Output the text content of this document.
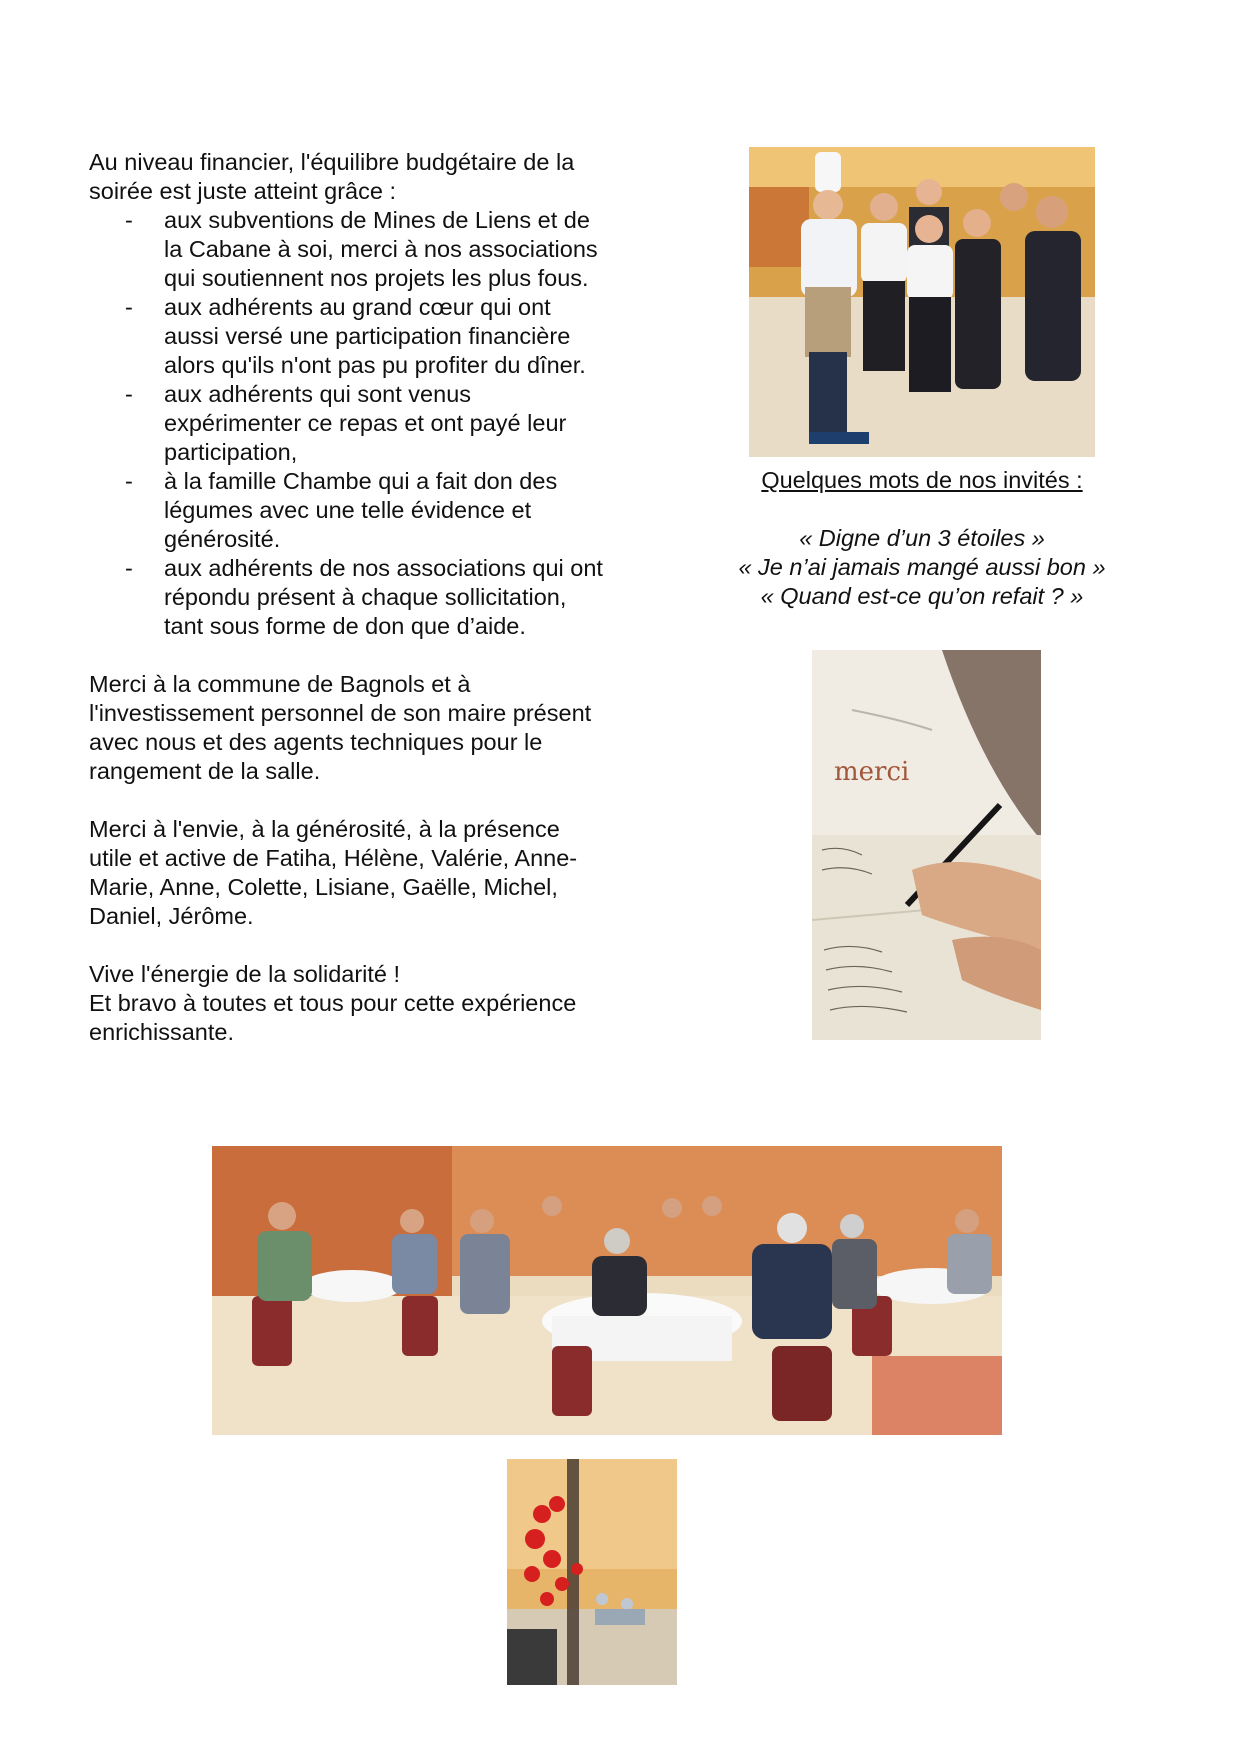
Au niveau financier, l'équilibre budgétaire de la soirée est juste atteint grâce :

- aux subventions de Mines de Liens et de la Cabane à soi, merci à nos associations qui soutiennent nos projets les plus fous.
- aux adhérents au grand cœur qui ont aussi versé une participation financière alors qu'ils n'ont pas pu profiter du dîner.
- aux adhérents qui sont venus expérimenter ce repas et ont payé leur participation,
- à la famille Chambe qui a fait don des légumes avec une telle évidence et générosité.
- aux adhérents de nos associations qui ont répondu présent à chaque sollicitation, tant sous forme de don que d’aide.

Merci à la commune de Bagnols et à l'investissement personnel de son maire présent avec nous et des agents techniques pour le rangement de la salle.

Merci à l'envie, à la générosité, à la présence utile et active de Fatiha, Hélène, Valérie, Anne-Marie, Anne, Colette, Lisiane, Gaëlle, Michel, Daniel, Jérôme.

Vive l'énergie de la solidarité !

Et bravo à toutes et tous pour cette expérience enrichissante.

Quelques mots de nos invités :
« Digne d’un 3 étoiles »
« Je n’ai jamais mangé aussi bon »
« Quand est-ce qu’on refait ? »
merci
